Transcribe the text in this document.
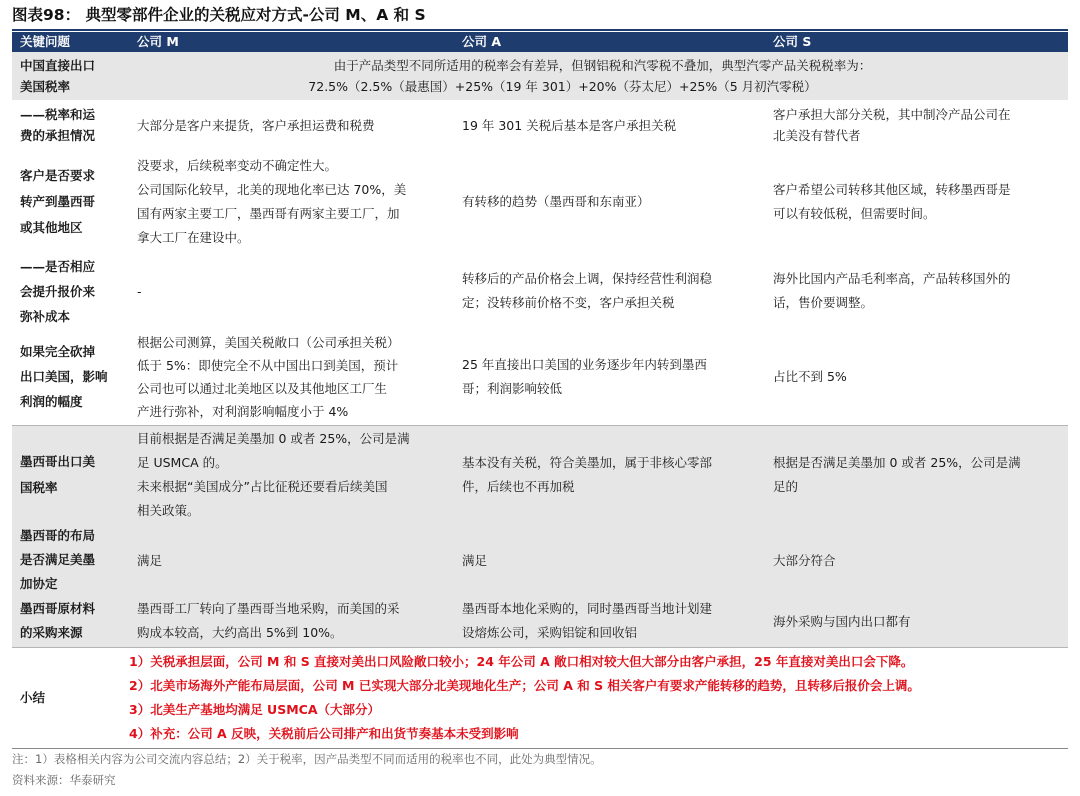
图表98： 典型零部件企业的关税应对方式-公司 M、A 和 S
关键问题	公司 M	公司 A	公司 S

中国直接出口
美国税率	由于产品类型不同所适用的税率会有差异，但钢铝税和汽零税不叠加，典型汽零产品关税税率为：
72.5%（2.5%（最惠国）+25%（19 年 301）+20%（芬太尼）+25%（5 月初汽零税）		

——税率和运
费的承担情况	大部分是客户来提货，客户承担运费和税费	19 年 301 关税后基本是客户承担关税	客户承担大部分关税，其中制冷产品公司在
北美没有替代者

客户是否要求
转产到墨西哥
或其他地区	没要求，后续税率变动不确定性大。
公司国际化较早，北美的现地化率已达 70%，美
国有两家主要工厂，墨西哥有两家主要工厂，加
拿大工厂在建设中。	有转移的趋势（墨西哥和东南亚）	客户希望公司转移其他区域，转移墨西哥是
可以有较低税，但需要时间。

——是否相应
会提升报价来
弥补成本	-	转移后的产品价格会上调，保持经营性利润稳
定；没转移前价格不变，客户承担关税	海外比国内产品毛利率高，产品转移国外的
话，售价要调整。

如果完全砍掉
出口美国，影响
利润的幅度	根据公司测算，美国关税敞口（公司承担关税）
低于 5%：即使完全不从中国出口到美国，预计
公司也可以通过北美地区以及其他地区工厂生
产进行弥补，对利润影响幅度小于 4%	25 年直接出口美国的业务逐步年内转到墨西
哥；利润影响较低	占比不到 5%

墨西哥出口美
国税率	目前根据是否满足美墨加 0 或者 25%，公司是满
足 USMCA 的。
未来根据“美国成分”占比征税还要看后续美国
相关政策。	基本没有关税，符合美墨加，属于非核心零部
件，后续也不再加税	根据是否满足美墨加 0 或者 25%，公司是满
足的

墨西哥的布局
是否满足美墨
加协定	满足	满足	大部分符合

墨西哥原材料
的采购来源	墨西哥工厂转向了墨西哥当地采购，而美国的采
购成本较高，大约高出 5%到 10%。	墨西哥本地化采购的，同时墨西哥当地计划建
设熔炼公司，采购铝锭和回收铝	海外采购与国内出口都有

小结	1）关税承担层面，公司 M 和 S 直接对美出口风险敞口较小；24 年公司 A 敞口相对较大但大部分由客户承担，25 年直接对美出口会下降。
2）北美市场海外产能布局层面，公司 M 已实现大部分北美现地化生产；公司 A 和 S 相关客户有要求产能转移的趋势，且转移后报价会上调。
3）北美生产基地均满足 USMCA（大部分）
4）补充：公司 A 反映，关税前后公司排产和出货节奏基本未受到影响		
注：1）表格相关内容为公司交流内容总结；2）关于税率，因产品类型不同而适用的税率也不同，此处为典型情况。
资料来源：华泰研究
